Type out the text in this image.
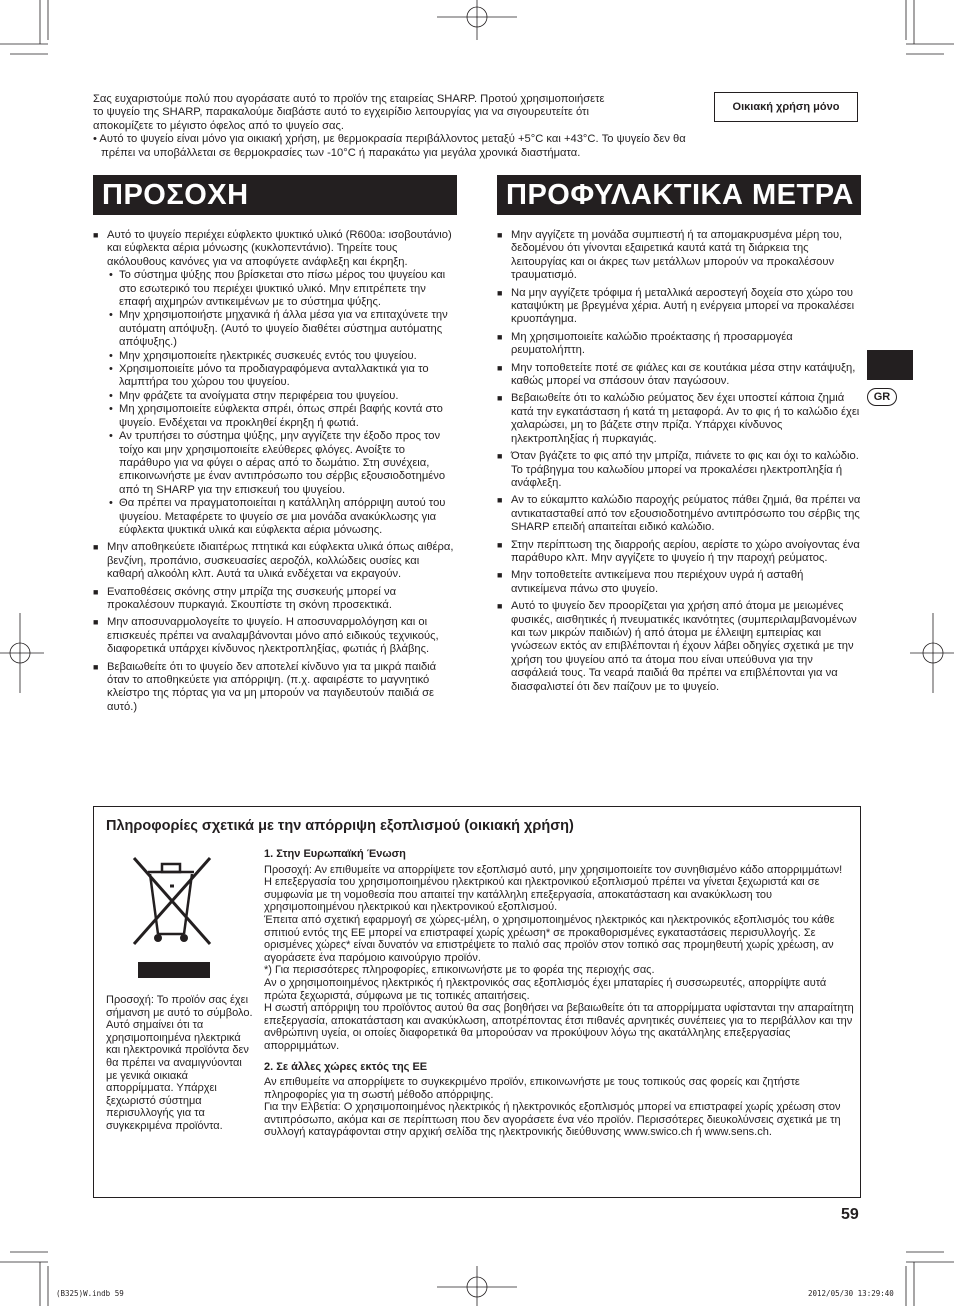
Σας ευχαριστούμε πολύ που αγοράσατε αυτό το προϊόν της εταιρείας SHARP. Προτού χρησιμοποιήσετε

το ψυγείο της SHARP, παρακαλούμε διαβάστε αυτό το εγχειρίδιο λειτουργίας για να σιγουρευτείτε ότι

αποκομίζετε το μέγιστο όφελος από το ψυγείο σας.

• Αυτό το ψυγείο είναι μόνο για οικιακή χρήση, με θερμοκρασία περιβάλλοντος μεταξύ +5°C και +43°C. Το ψυγείο δεν θα πρέπει να υποβάλλεται σε θερμοκρασίες των -10°C ή παρακάτω για μεγάλα χρονικά διαστήματα.

Οικιακή χρήση μόνο
ΠΡΟΣΟΧΗ
■ Αυτό το ψυγείο περιέχει εύφλεκτο ψυκτικό υλικό (R600a: ισοβουτάνιο) και εύφλεκτα αέρια μόνωσης (κυκλοπεντάνιο). Τηρείτε τους ακόλουθους κανόνες για να αποφύγετε ανάφλεξη και έκρηξη.
• Το σύστημα ψύξης που βρίσκεται στο πίσω μέρος του ψυγείου και στο εσωτερικό του περιέχει ψυκτικό υλικό. Μην επιτρέπετε την επαφή αιχμηρών αντικειμένων με το σύστημα ψύξης.
• Μην χρησιμοποιήστε μηχανικά ή άλλα μέσα για να επιταχύνετε την αυτόματη απόψυξη. (Αυτό το ψυγείο διαθέτει σύστημα αυτόματης απόψυξης.)
• Μην χρησιμοποιείτε ηλεκτρικές συσκευές εντός του ψυγείου.
• Χρησιμοποιείτε μόνο τα προδιαγραφόμενα ανταλλακτικά για το λαμπτήρα του χώρου του ψυγείου.
• Μην φράζετε τα ανοίγματα στην περιφέρεια του ψυγείου.
• Μη χρησιμοποιείτε εύφλεκτα σπρέι, όπως σπρέι βαφής κοντά στο ψυγείο. Ενδέχεται να προκληθεί έκρηξη ή φωτιά.
• Αν τρυπήσει το σύστημα ψύξης, μην αγγίζετε την έξοδο προς τον τοίχο και μην χρησιμοποιείτε ελεύθερες φλόγες. Ανοίξτε το παράθυρο για να φύγει ο αέρας από το δωμάτιο. Στη συνέχεια, επικοινωνήστε με έναν αντιπρόσωπο του σέρβις εξουσιοδοτημένο από τη SHARP για την επισκευή του ψυγείου.
• Θα πρέπει να πραγματοποιείται η κατάλληλη απόρριψη αυτού του ψυγείου. Μεταφέρετε το ψυγείο σε μια μονάδα ανακύκλωσης για εύφλεκτα ψυκτικά υλικά και εύφλεκτα αέρια μόνωσης.
■ Μην αποθηκεύετε ιδιαιτέρως πτητικά και εύφλεκτα υλικά όπως αιθέρα, βενζίνη, προπάνιο, συσκευασίες αεροζόλ, κολλώδεις ουσίες και καθαρή αλκοόλη κλπ. Αυτά τα υλικά ενδέχεται να εκραγούν.
■ Εναποθέσεις σκόνης στην μπρίζα της συσκευής μπορεί να προκαλέσουν πυρκαγιά. Σκουπίστε τη σκόνη προσεκτικά.
■ Μην αποσυναρμολογείτε το ψυγείο. Η αποσυναρμολόγηση και οι επισκευές πρέπει να αναλαμβάνονται μόνο από ειδικούς τεχνικούς, διαφορετικά υπάρχει κίνδυνος ηλεκτροπληξίας, φωτιάς ή βλάβης.
■ Βεβαιωθείτε ότι το ψυγείο δεν αποτελεί κίνδυνο για τα μικρά παιδιά όταν το αποθηκεύετε για απόρριψη. (π.χ. αφαιρέστε το μαγνητικό κλείστρο της πόρτας για να μη μπορούν να παγιδευτούν παιδιά σε αυτό.)
ΠΡΟΦΥΛΑΚΤΙΚΑ ΜΕΤΡΑ
■ Μην αγγίζετε τη μονάδα συμπιεστή ή τα απομακρυσμένα μέρη του, δεδομένου ότι γίνονται εξαιρετικά καυτά κατά τη διάρκεια της λειτουργίας και οι άκρες των μετάλλων μπορούν να προκαλέσουν τραυματισμό.
■ Να μην αγγίζετε τρόφιμα ή μεταλλικά αεροστεγή δοχεία στο χώρο του καταψύκτη με βρεγμένα χέρια. Αυτή η ενέργεια μπορεί να προκαλέσει κρυοπάγημα.
■ Μη χρησιμοποιείτε καλώδιο προέκτασης ή προσαρμογέα ρευματολήπτη.
■ Μην τοποθετείτε ποτέ σε φιάλες και σε κουτάκια μέσα στην κατάψυξη, καθώς μπορεί να σπάσουν όταν παγώσουν.
■ Βεβαιωθείτε ότι το καλώδιο ρεύματος δεν έχει υποστεί κάποια ζημιά κατά την εγκατάσταση ή κατά τη μεταφορά. Αν το φις ή το καλώδιο έχει χαλαρώσει, μη το βάζετε στην πρίζα. Υπάρχει κίνδυνος ηλεκτροπληξίας ή πυρκαγιάς.
■ Όταν βγάζετε το φις από την μπρίζα, πιάνετε το φις και όχι το καλώδιο. Το τράβηγμα του καλωδίου μπορεί να προκαλέσει ηλεκτροπληξία ή ανάφλεξη.
■ Αν το εύκαμπτο καλώδιο παροχής ρεύματος πάθει ζημιά, θα πρέπει να αντικατασταθεί από τον εξουσιοδοτημένο αντιπρόσωπο του σέρβις της SHARP επειδή απαιτείται ειδικό καλώδιο.
■ Στην περίπτωση της διαρροής αερίου, αερίστε το χώρο ανοίγοντας ένα παράθυρο κλπ. Μην αγγίζετε το ψυγείο ή την παροχή ρεύματος.
■ Μην τοποθετείτε αντικείμενα που περιέχουν υγρά ή ασταθή αντικείμενα πάνω στο ψυγείο.
■ Αυτό το ψυγείο δεν προορίζεται για χρήση από άτομα με μειωμένες φυσικές, αισθητικές ή πνευματικές ικανότητες (συμπεριλαμβανομένων και των μικρών παιδιών) ή από άτομα με έλλειψη εμπειρίας και γνώσεων εκτός αν επιβλέπονται ή έχουν λάβει οδηγίες σχετικά με την χρήση του ψυγείου από τα άτομα που είναι υπεύθυνα για την ασφάλειά τους. Τα νεαρά παιδιά θα πρέπει να επιβλέπονται για να διασφαλιστεί ότι δεν παίζουν με το ψυγείο.
GR
Πληροφορίες σχετικά με την απόρριψη εξοπλισμού (οικιακή χρήση)
Προσοχή: Το προϊόν σας έχει σήμανση με αυτό το σύμβολο. Αυτό σημαίνει ότι τα χρησιμοποιημένα ηλεκτρικά και ηλεκτρονικά προϊόντα δεν θα πρέπει να αναμιγνύονται με γενικά οικιακά απορρίμματα. Υπάρχει ξεχωριστό σύστημα περισυλλογής για τα συγκεκριμένα προϊόντα.

1. Στην Ευρωπαϊκή Ένωση

Προσοχή: Αν επιθυμείτε να απορρίψετε τον εξοπλισμό αυτό, μην χρησιμοποιείτε τον συνηθισμένο κάδο απορριμμάτων!

Η επεξεργασία του χρησιμοποιημένου ηλεκτρικού και ηλεκτρονικού εξοπλισμού πρέπει να γίνεται ξεχωριστά και σε συμφωνία με τη νομοθεσία που απαιτεί την κατάλληλη επεξεργασία, αποκατάσταση και ανακύκλωση του χρησιμοποιημένου ηλεκτρικού και ηλεκτρονικού εξοπλισμού.

Έπειτα από σχετική εφαρμογή σε χώρες-μέλη, ο χρησιμοποιημένος ηλεκτρικός και ηλεκτρονικός εξοπλισμός του κάθε σπιτιού εντός της ΕΕ μπορεί να επιστραφεί χωρίς χρέωση* σε προκαθορισμένες εγκαταστάσεις περισυλλογής. Σε ορισμένες χώρες* είναι δυνατόν να επιστρέψετε το παλιό σας προϊόν στον τοπικό σας προμηθευτή χωρίς χρέωση, αν αγοράσετε ένα παρόμοιο καινούργιο προϊόν.

*) Για περισσότερες πληροφορίες, επικοινωνήστε με το φορέα της περιοχής σας.

Αν ο χρησιμοποιημένος ηλεκτρικός ή ηλεκτρονικός σας εξοπλισμός έχει μπαταρίες ή συσσωρευτές, απορρίψτε αυτά πρώτα ξεχωριστά, σύμφωνα με τις τοπικές απαιτήσεις.

Η σωστή απόρριψη του προϊόντος αυτού θα σας βοηθήσει να βεβαιωθείτε ότι τα απορρίμματα υφίστανται την απαραίτητη επεξεργασία, αποκατάσταση και ανακύκλωση, αποτρέποντας έτσι πιθανές αρνητικές συνέπειες για το περιβάλλον και την ανθρώπινη υγεία, οι οποίες διαφορετικά θα μπορούσαν να προκύψουν λόγω της ακατάλληλης επεξεργασίας απορριμμάτων.

2. Σε άλλες χώρες εκτός της ΕΕ

Αν επιθυμείτε να απορρίψετε το συγκεκριμένο προϊόν, επικοινωνήστε με τους τοπικούς σας φορείς και ζητήστε πληροφορίες για τη σωστή μέθοδο απόρριψης.

Για την Ελβετία: Ο χρησιμοποιημένος ηλεκτρικός ή ηλεκτρονικός εξοπλισμός μπορεί να επιστραφεί χωρίς χρέωση στον αντιπρόσωπο, ακόμα και σε περίπτωση που δεν αγοράσετε ένα νέο προϊόν. Περισσότερες διευκολύνσεις σχετικά με τη συλλογή καταγράφονται στην αρχική σελίδα της ηλεκτρονικής διεύθυνσης www.swico.ch ή www.sens.ch.

59
(B325)W.indb 59	2012/05/30 13:29:40
